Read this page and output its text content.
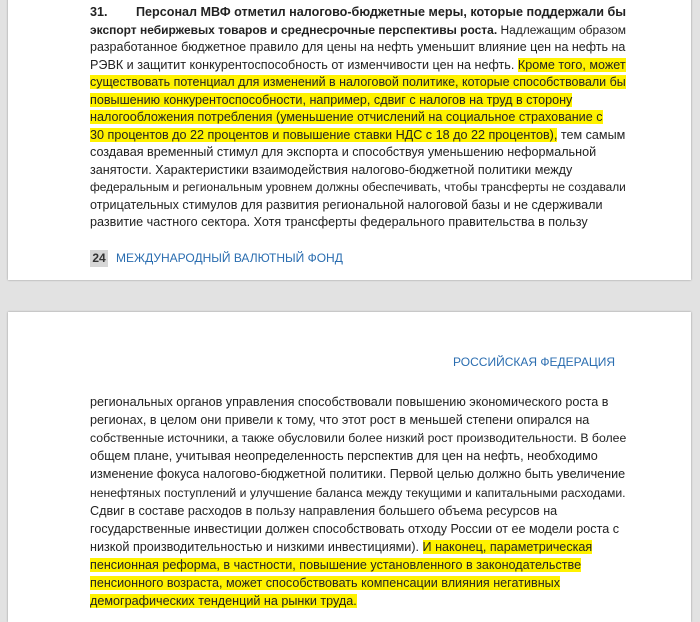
31.
24 МЕЖДУНАРОДНЫЙ ВАЛЮТНЫЙ ФОНД
Персонал МВФ отметил налогово-бюджетные меры, которые поддержали бы
экспорт небиржевых товаров и среднесрочные перспективы роста. Надлежащим образом
разработанное бюджетное правило для цены на нефть уменьшит влияние цен на нефть на
РЭВК и защитит конкурентоспособность от изменчивости цен на нефть. Кроме того, может
существовать потенциал для изменений в налоговой политике, которые способствовали бы
повышению конкурентоспособности, например, сдвиг с налогов на труд в сторону
налогообложения потребления (уменьшение отчислений на социальное страхование с
30 процентов до 22 процентов и повышение ставки НДС с 18 до 22 процентов), тем самым
создавая временный стимул для экспорта и способствуя уменьшению неформальной
занятости. Характеристики взаимодействия налогово-бюджетной политики между
федеральным и региональным уровнем должны обеспечивать, чтобы трансферты не создавали
отрицательных стимулов для развития региональной налоговой базы и не сдерживали
развитие частного сектора. Хотя трансферты федерального правительства в пользу
РОССИЙСКАЯ ФЕДЕРАЦИЯ
региональных органов управления способствовали повышению экономического роста в
регионах, в целом они привели к тому, что этот рост в меньшей степени опирался на
собственные источники, а также обусловили более низкий рост производительности. В более
общем плане, учитывая неопределенность перспектив для цен на нефть, необходимо
изменение фокуса налогово-бюджетной политики. Первой целью должно быть увеличение
ненефтяных поступлений и улучшение баланса между текущими и капитальными расходами.
Сдвиг в составе расходов в пользу направления большего объема ресурсов на
государственные инвестиции должен способствовать отходу России от ее модели роста с
низкой производительностью и низкими инвестициями). И наконец, параметрическая
пенсионная реформа, в частности, повышение установленного в законодательстве
пенсионного возраста, может способствовать компенсации влияния негативных
демографических тенденций на рынки труда.
